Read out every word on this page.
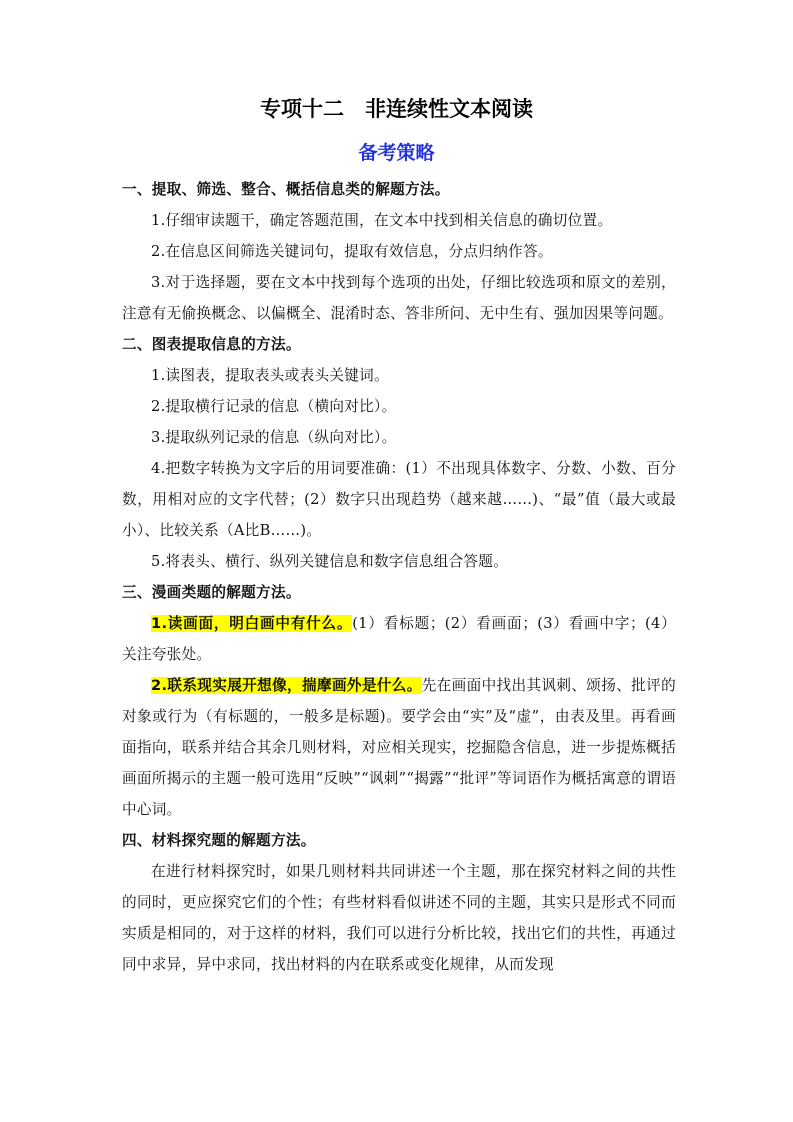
专项十二　非连续性文本阅读
备考策略

一、提取、筛选、整合、概括信息类的解题方法。

1.仔细审读题干，确定答题范围，在文本中找到相关信息的确切位置。

2.在信息区间筛选关键词句，提取有效信息，分点归纳作答。

3.对于选择题，要在文本中找到每个选项的出处，仔细比较选项和原文的差别，注意有无偷换概念、以偏概全、混淆时态、答非所问、无中生有、强加因果等问题。

二、图表提取信息的方法。

1.读图表，提取表头或表头关键词。

2.提取横行记录的信息（横向对比）。

3.提取纵列记录的信息（纵向对比）。

4.把数字转换为文字后的用词要准确：(1）不出现具体数字、分数、小数、百分数，用相对应的文字代替；(2）数字只出现趋势（越来越……)、“最”值（最大或最小）、比较关系（A比B……)。

5.将表头、横行、纵列关键信息和数字信息组合答题。

三、漫画类题的解题方法。

1.读画面，明白画中有什么。(1）看标题；(2）看画面；(3）看画中字；(4）关注夸张处。

2.联系现实展开想像，揣摩画外是什么。先在画面中找出其讽刺、颂扬、批评的对象或行为（有标题的，一般多是标题)。要学会由“实”及“虚”，由表及里。再看画面指向，联系并结合其余几则材料，对应相关现实，挖掘隐含信息，进一步提炼概括画面所揭示的主题一般可选用“反映”“讽刺”“揭露”“批评”等词语作为概括寓意的谓语中心词。

四、材料探究题的解题方法。

在进行材料探究时，如果几则材料共同讲述一个主题，那在探究材料之间的共性的同时，更应探究它们的个性；有些材料看似讲述不同的主题，其实只是形式不同而实质是相同的，对于这样的材料，我们可以进行分析比较，找出它们的共性，再通过同中求异，异中求同，找出材料的内在联系或变化规律，从而发现
